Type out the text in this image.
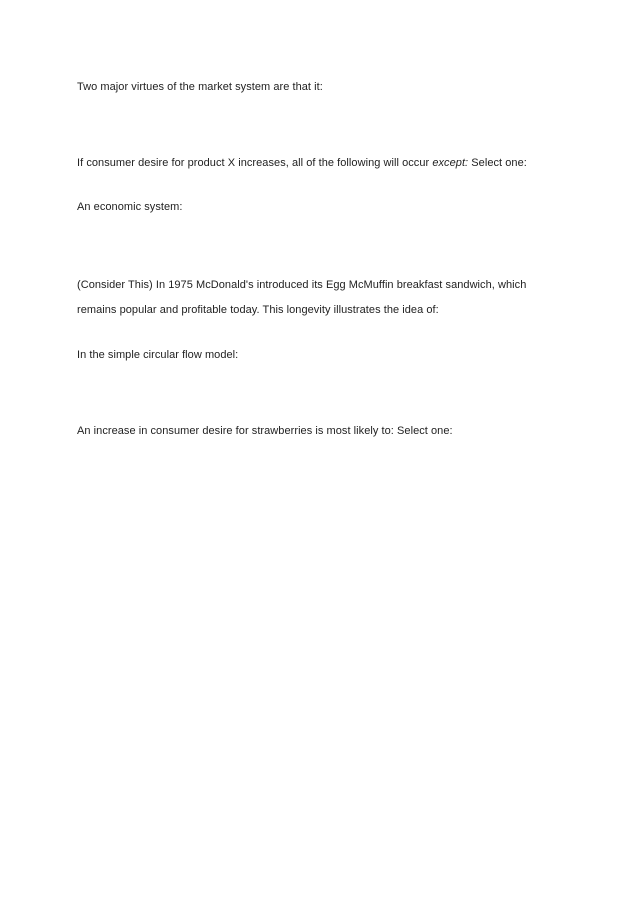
Two major virtues of the market system are that it:
If consumer desire for product X increases, all of the following will occur except: Select one:
An economic system:
(Consider This) In 1975 McDonald's introduced its Egg McMuffin breakfast sandwich, which
remains popular and profitable today. This longevity illustrates the idea of:
In the simple circular flow model:
An increase in consumer desire for strawberries is most likely to: Select one:
